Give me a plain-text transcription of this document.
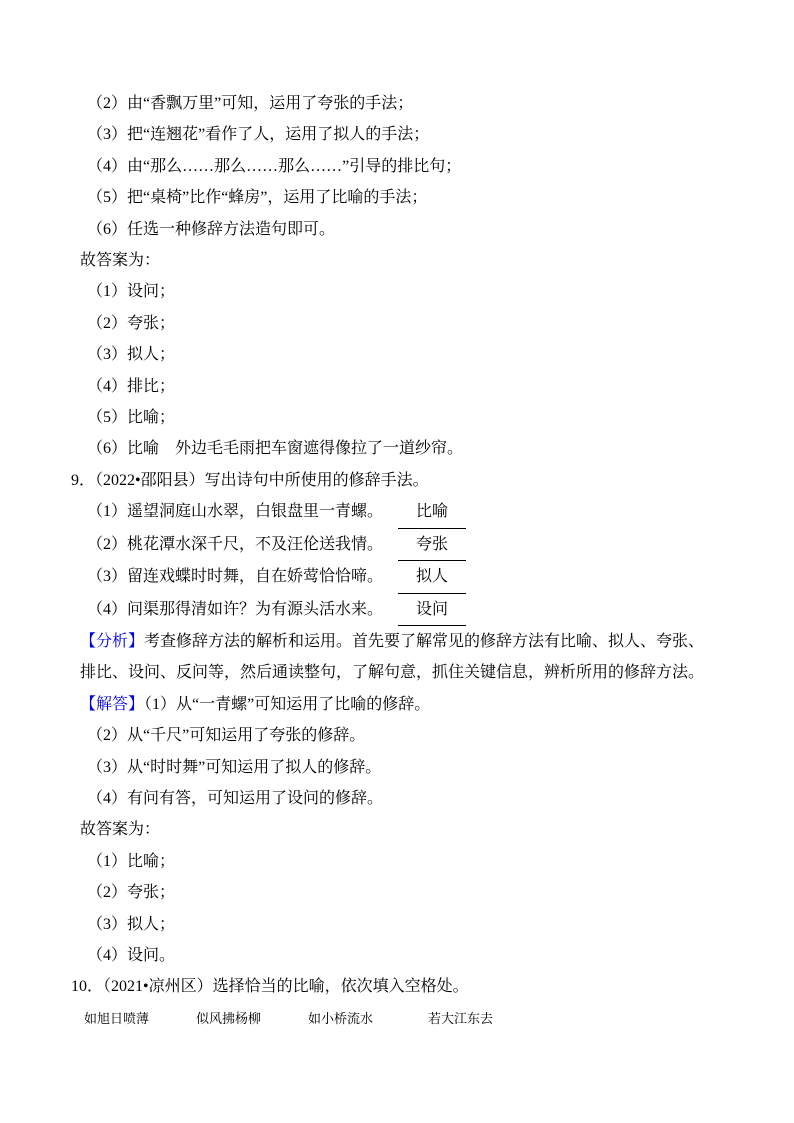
（2）由“香飘万里”可知，运用了夸张的手法；
（3）把“连翘花”看作了人，运用了拟人的手法；
（4）由“那么……那么……那么……”引导的排比句；
（5）把“桌椅”比作“蜂房”，运用了比喻的手法；
（6）任选一种修辞方法造句即可。
故答案为：
（1）设问；
（2）夸张；
（3）拟人；
（4）排比；
（5）比喻；
（6）比喻　外边毛毛雨把车窗遮得像拉了一道纱帘。
9．（2022•邵阳县）写出诗句中所使用的修辞手法。
（1）遥望洞庭山水翠，白银盘里一青螺。 比喻
（2）桃花潭水深千尺，不及汪伦送我情。 夸张
（3）留连戏蝶时时舞，自在娇莺恰恰啼。 拟人
（4）问渠那得清如许？为有源头活水来。 设问
【分析】考查修辞方法的解析和运用。首先要了解常见的修辞方法有比喻、拟人、夸张、
排比、设问、反问等，然后通读整句，了解句意，抓住关键信息，辨析所用的修辞方法。
【解答】（1）从“一青螺”可知运用了比喻的修辞。
（2）从“千尺”可知运用了夸张的修辞。
（3）从“时时舞”可知运用了拟人的修辞。
（4）有问有答，可知运用了设问的修辞。
故答案为：
（1）比喻；
（2）夸张；
（3）拟人；
（4）设问。
10．（2021•凉州区）选择恰当的比喻，依次填入空格处。
如旭日喷薄	似风拂杨柳	如小桥流水	若大江东去
